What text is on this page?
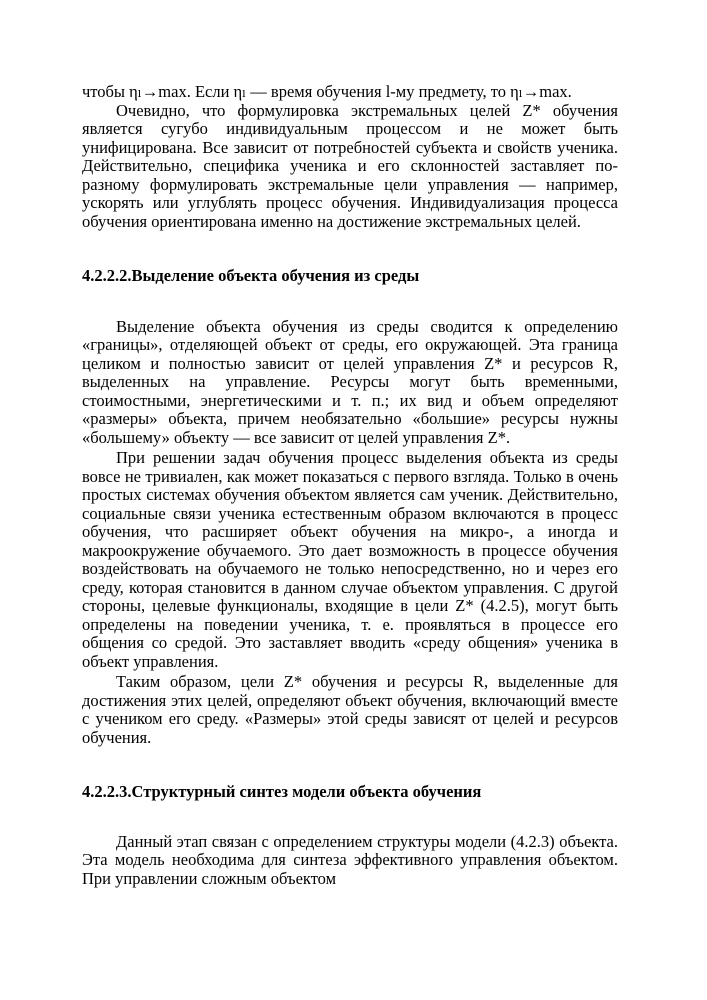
чтобы ηₗ→max. Если ηₗ — время обучения l-му предмету, то ηₗ→max.

Очевидно, что формулировка экстремальных целей Z* обучения является сугубо индивидуальным процессом и не может быть унифицирована. Все зависит от потребностей субъекта и свойств ученика. Действительно, специфика ученика и его склонностей заставляет по-разному формулировать экстремальные цели управления — например, ускорять или углублять процесс обучения. Индивидуализация процесса обучения ориентирована именно на достижение экстремальных целей.

4.2.2.2.Выделение объекта обучения из среды

Выделение объекта обучения из среды сводится к определению «границы», отделяющей объект от среды, его окружающей. Эта граница целиком и полностью зависит от целей управления Z* и ресурсов R, выделенных на управление. Ресурсы могут быть временными, стоимостными, энергетическими и т. п.; их вид и объем определяют «размеры» объекта, причем необязательно «большие» ресурсы нужны «большему» объекту — все зависит от целей управления Z*.

При решении задач обучения процесс выделения объекта из среды вовсе не тривиален, как может показаться с первого взгляда. Только в очень простых системах обучения объектом является сам ученик. Действительно, социальные связи ученика естественным образом включаются в процесс обучения, что расширяет объект обучения на микро-, а иногда и макроокружение обучаемого. Это дает возможность в процессе обучения воздействовать на обучаемого не только непосредственно, но и через его среду, которая становится в данном случае объектом управления. С другой стороны, целевые функционалы, входящие в цели Z* (4.2.5), могут быть определены на поведении ученика, т. е. проявляться в процессе его общения со средой. Это заставляет вводить «среду общения» ученика в объект управления.

Таким образом, цели Z* обучения и ресурсы R, выделенные для достижения этих целей, определяют объект обучения, включающий вместе с учеником его среду. «Размеры» этой среды зависят от целей и ресурсов обучения.

4.2.2.3.Структурный синтез модели объекта обучения

Данный этап связан с определением структуры модели (4.2.3) объекта. Эта модель необходима для синтеза эффективного управления объектом. При управлении сложным объектом
